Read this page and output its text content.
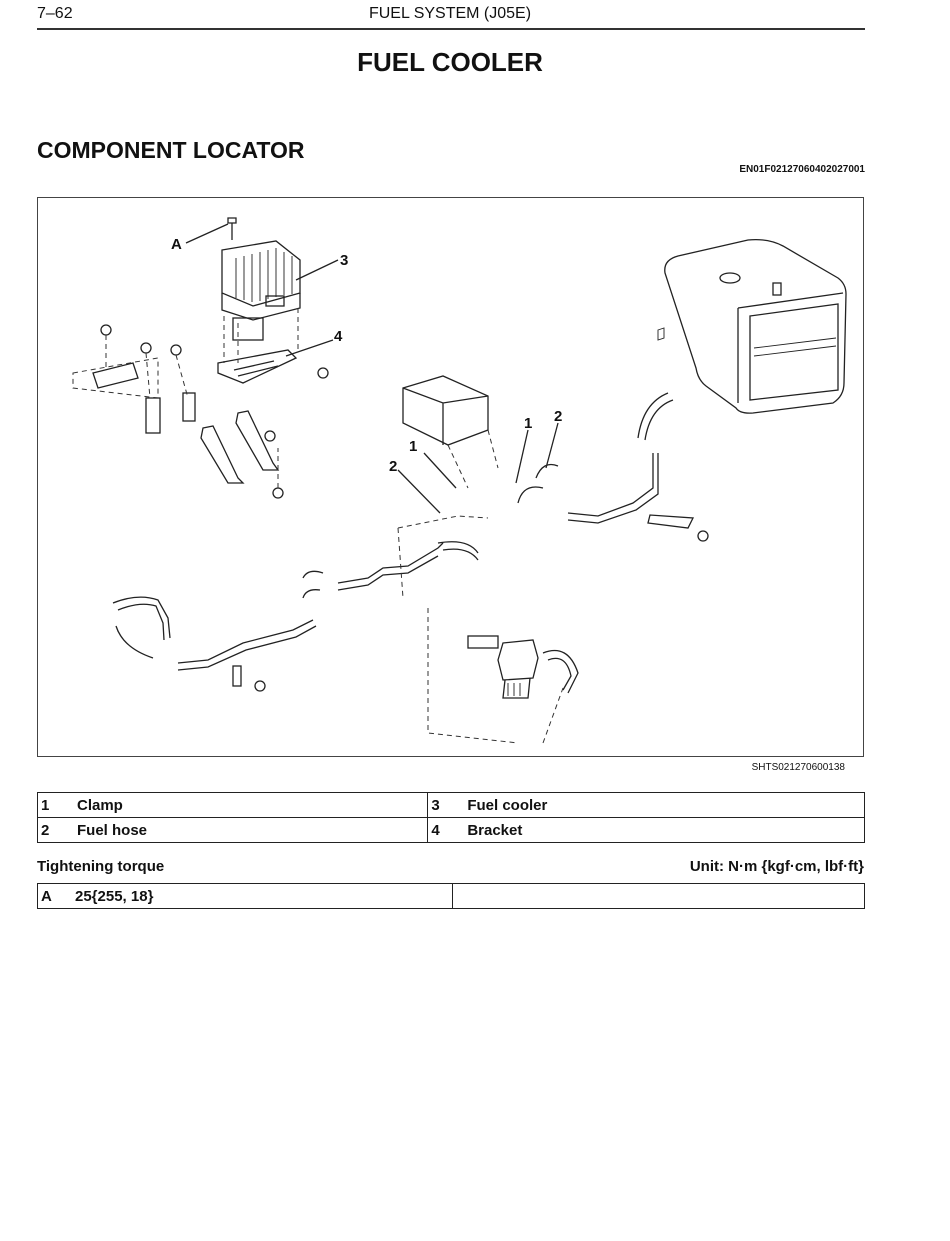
7–62	FUEL SYSTEM (J05E)
FUEL COOLER
COMPONENT LOCATOR
EN01F02127060402027001
A
3
4
1
2
1 2
SHTS021270600138
1	Clamp	3	Fuel cooler
2	Fuel hose	4	Bracket
Tightening torque	Unit: N·m {kgf·cm, lbf·ft}
A 25{255, 18}	
